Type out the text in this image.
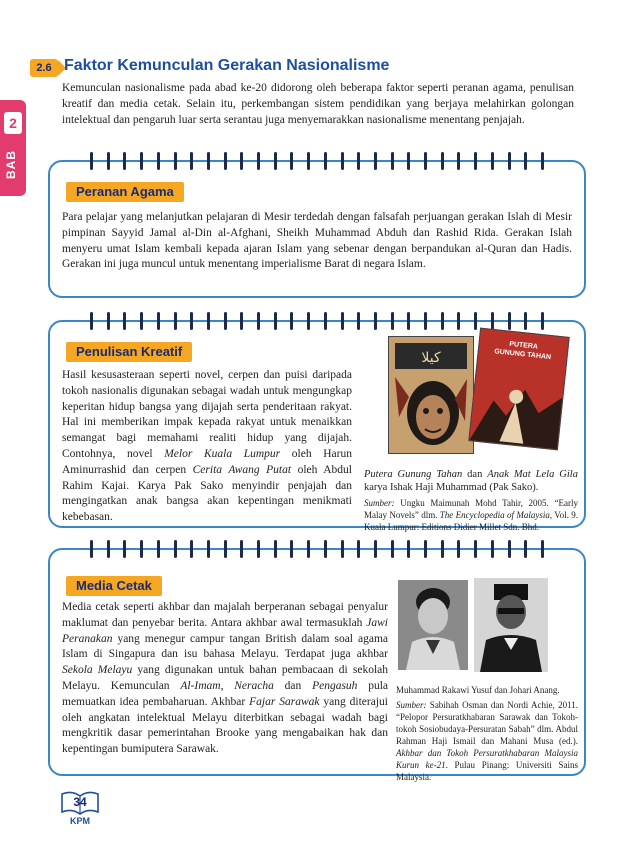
2
BAB
2.6 Faktor Kemunculan Gerakan Nasionalisme

Kemunculan nasionalisme pada abad ke-20 didorong oleh beberapa faktor seperti peranan agama, penulisan kreatif dan media cetak. Selain itu, perkembangan sistem pendidikan yang berjaya melahirkan golongan intelektual dan pengaruh luar serta serantau juga menyemarakkan nasionalisme menentang penjajah.

Peranan Agama

Para pelajar yang melanjutkan pelajaran di Mesir terdedah dengan falsafah perjuangan gerakan Islah di Mesir pimpinan Sayyid Jamal al-Din al-Afghani, Sheikh Muhammad Abduh dan Rashid Rida. Gerakan Islah menyeru umat Islam kembali kepada ajaran Islam yang sebenar dengan berpandukan al-Quran dan Hadis. Gerakan ini juga muncul untuk menentang imperialisme Barat di negara Islam.

Penulisan Kreatif

Hasil kesusasteraan seperti novel, cerpen dan puisi daripada tokoh nasionalis digunakan sebagai wadah untuk mengungkap keperitan hidup bangsa yang dijajah serta penderitaan rakyat. Hal ini memberikan impak kepada rakyat untuk menaikkan semangat bagi memahami realiti hidup yang dijajah. Contohnya, novel Melor Kuala Lumpur oleh Harun Aminurrashid dan cerpen Cerita Awang Putat oleh Abdul Rahim Kajai. Karya Pak Sako menyindir penjajah dan mengingatkan anak bangsa akan kepentingan menikmati kebebasan.

کيلا
PUTERA GUNUNG TAHAN

Putera Gunung Tahan dan Anak Mat Lela Gila karya Ishak Haji Muhammad (Pak Sako).
Sumber: Ungku Maimunah Mohd Tahir, 2005. “Early Malay Novels” dlm. The Encyclopedia of Malaysia, Vol. 9. Kuala Lumpur: Editions Didier Millet Sdn. Bhd.

Media Cetak

Media cetak seperti akhbar dan majalah berperanan sebagai penyalur maklumat dan penyebar berita. Antara akhbar awal termasuklah Jawi Peranakan yang menegur campur tangan British dalam soal agama Islam di Singapura dan isu bahasa Melayu. Terdapat juga akhbar Sekola Melayu yang digunakan untuk bahan pembacaan di sekolah Melayu. Kemunculan Al-Imam, Neracha dan Pengasuh pula memuatkan idea pembaharuan. Akhbar Fajar Sarawak yang diterajui oleh angkatan intelektual Melayu diterbitkan sebagai wadah bagi mengkritik dasar pemerintahan Brooke yang mengabaikan hak dan kepentingan bumiputera Sarawak.

Muhammad Rakawi Yusuf dan Johari Anang.
Sumber: Sabihah Osman dan Nordi Achie, 2011. “Pelopor Persuratkhabaran Sarawak dan Tokoh-tokoh Sosiobudaya-Persuratan Sabah” dlm. Abdul Rahman Haji Ismail dan Mahani Musa (ed.). Akhbar dan Tokoh Persuratkhabaran Malaysia Kurun ke-21. Pulau Pinang: Universiti Sains Malaysia.

34
KPM
